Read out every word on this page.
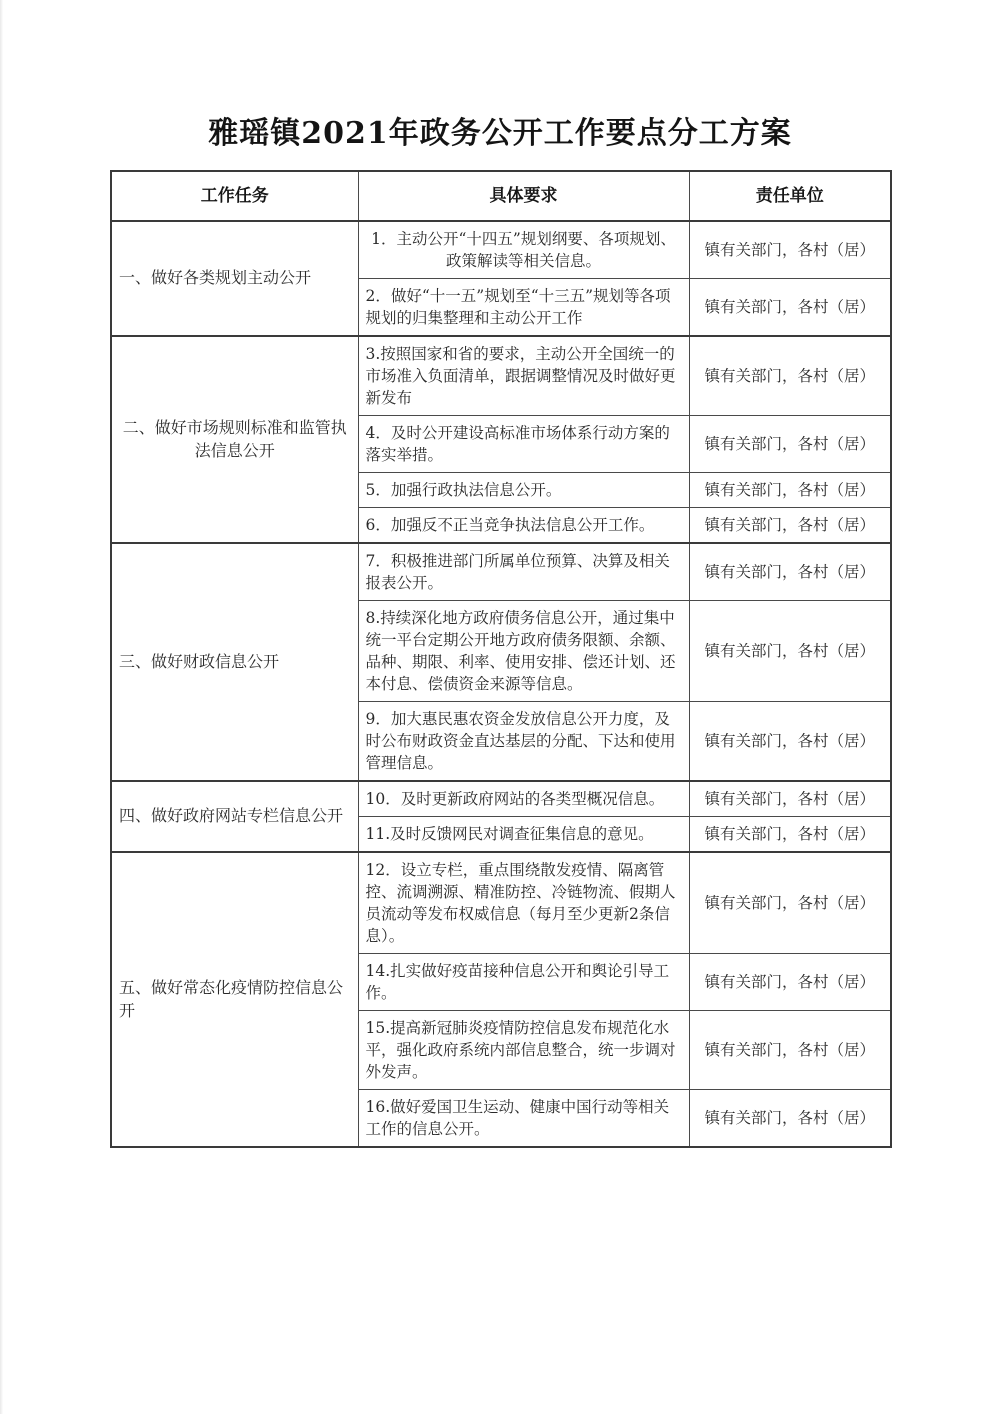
雅瑶镇2021年政务公开工作要点分工方案
工作任务	具体要求	责任单位
一、做好各类规划主动公开	1．主动公开“十四五”规划纲要、各项规划、政策解读等相关信息。	镇有关部门，各村（居）
	2．做好“十一五”规划至“十三五”规划等各项规划的归集整理和主动公开工作	镇有关部门，各村（居）
二、做好市场规则标准和监管执法信息公开	3.按照国家和省的要求，主动公开全国统一的市场准入负面清单，跟据调整情况及时做好更新发布	镇有关部门，各村（居）
	4．及时公开建设高标准市场体系行动方案的落实举措。	镇有关部门，各村（居）
	5．加强行政执法信息公开。	镇有关部门，各村（居）
	6．加强反不正当竞争执法信息公开工作。	镇有关部门，各村（居）
三、做好财政信息公开	7．积极推进部门所属单位预算、决算及相关报表公开。	镇有关部门，各村（居）
	8.持续深化地方政府债务信息公开，通过集中统一平台定期公开地方政府债务限额、余额、品种、期限、利率、使用安排、偿还计划、还本付息、偿债资金来源等信息。	镇有关部门，各村（居）
	9．加大惠民惠农资金发放信息公开力度，及时公布财政资金直达基层的分配、下达和使用管理信息。	镇有关部门，各村（居）
四、做好政府网站专栏信息公开	10．及时更新政府网站的各类型概况信息。	镇有关部门，各村（居）
	11.及时反馈网民对调查征集信息的意见。	镇有关部门，各村（居）
五、做好常态化疫情防控信息公开	12．设立专栏，重点围绕散发疫情、隔离管控、流调溯源、精准防控、冷链物流、假期人员流动等发布权威信息（每月至少更新2条信息）。	镇有关部门，各村（居）
	14.扎实做好疫苗接种信息公开和舆论引导工作。	镇有关部门，各村（居）
	15.提高新冠肺炎疫情防控信息发布规范化水平，强化政府系统内部信息整合，统一步调对外发声。	镇有关部门，各村（居）
	16.做好爱国卫生运动、健康中国行动等相关工作的信息公开。	镇有关部门，各村（居）
